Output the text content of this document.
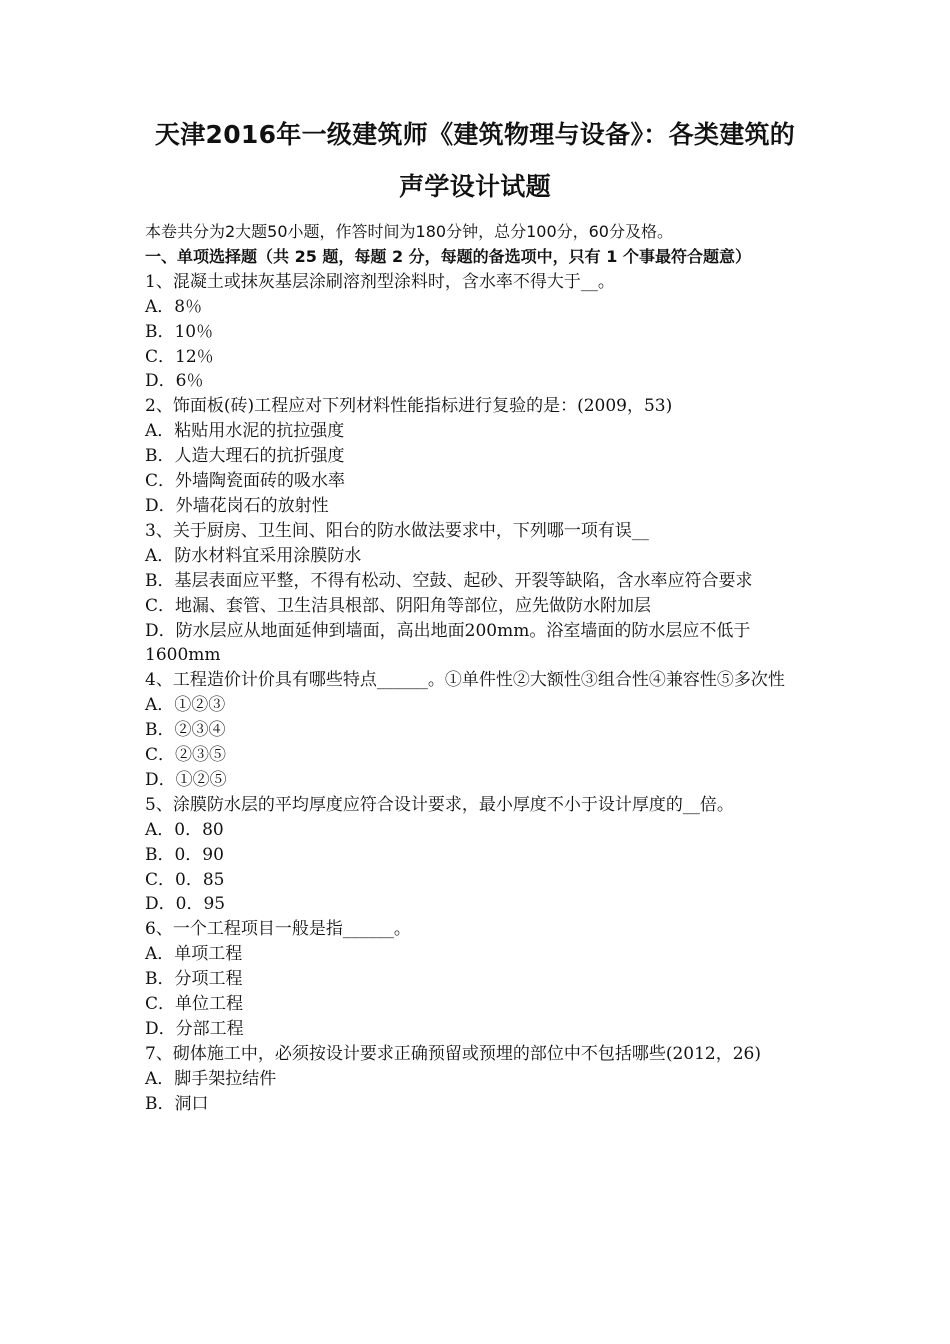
天津2016年一级建筑师《建筑物理与设备》：各类建筑的
声学设计试题
本卷共分为2大题50小题，作答时间为180分钟，总分100分，60分及格。
一、单项选择题（共 25 题，每题 2 分，每题的备选项中，只有 1 个事最符合题意）
1、混凝土或抹灰基层涂刷溶剂型涂料时，含水率不得大于__。
A．8％
B．10％
C．12％
D．6％
2、饰面板(砖)工程应对下列材料性能指标进行复验的是：(2009，53)
A．粘贴用水泥的抗拉强度
B．人造大理石的抗折强度
C．外墙陶瓷面砖的吸水率
D．外墙花岗石的放射性
3、关于厨房、卫生间、阳台的防水做法要求中，下列哪一项有误__
A．防水材料宜采用涂膜防水
B．基层表面应平整，不得有松动、空鼓、起砂、开裂等缺陷，含水率应符合要求
C．地漏、套管、卫生洁具根部、阴阳角等部位，应先做防水附加层
D．防水层应从地面延伸到墙面，高出地面200mm。浴室墙面的防水层应不低于1600mm
4、工程造价计价具有哪些特点______。①单件性②大额性③组合性④兼容性⑤多次性
A．①②③
B．②③④
C．②③⑤
D．①②⑤
5、涂膜防水层的平均厚度应符合设计要求，最小厚度不小于设计厚度的__倍。
A．0．80
B．0．90
C．0．85
D．0．95
6、一个工程项目一般是指______。
A．单项工程
B．分项工程
C．单位工程
D．分部工程
7、砌体施工中，必须按设计要求正确预留或预埋的部位中不包括哪些(2012，26)
A．脚手架拉结件
B．洞口
